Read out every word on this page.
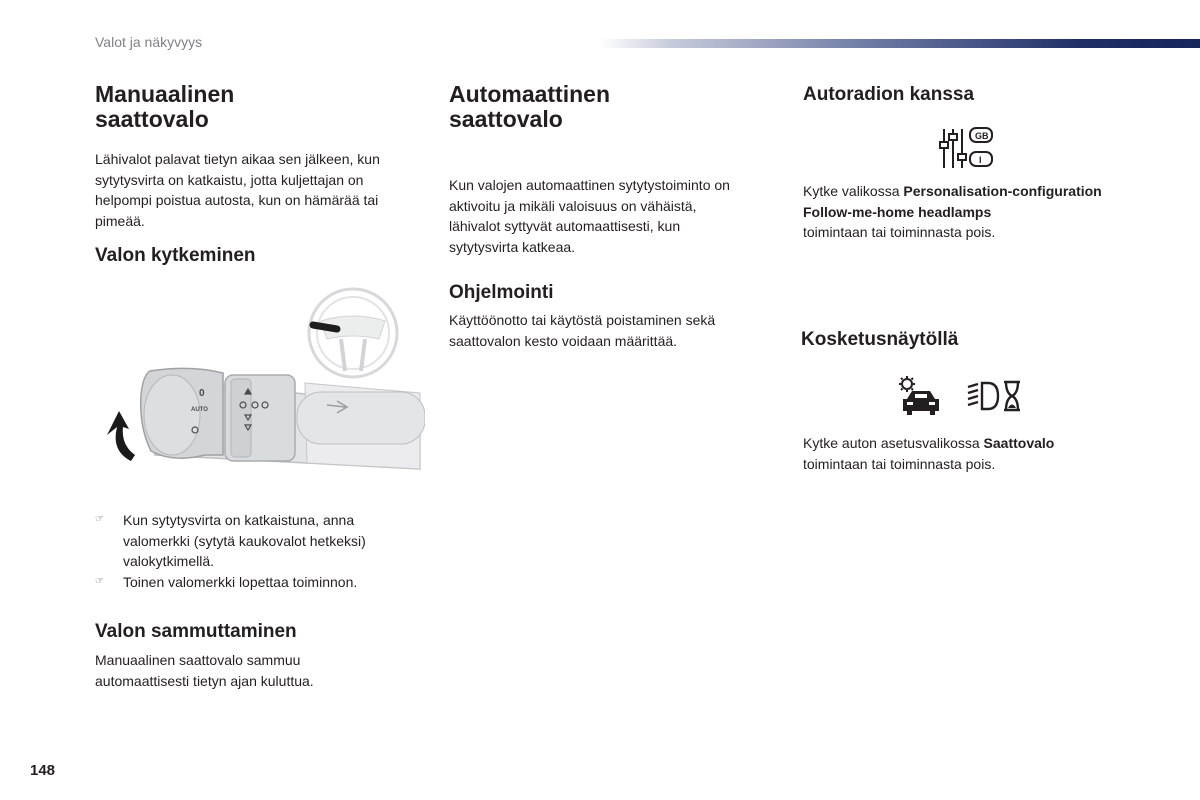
Valot ja näkyvyys
Manuaalinen
saattovalo

Lähivalot palavat tietyn aikaa sen jälkeen, kun sytytysvirta on katkaistu, jotta kuljettajan on helpompi poistua autosta, kun on hämärää tai pimeää.

Valon kytkeminen
0
AUTO
☞ Kun sytytysvirta on katkaistuna, anna valomerkki (sytytä kaukovalot hetkeksi) valokytkimellä.
☞ Toinen valomerkki lopettaa toiminnon.
Valon sammuttaminen

Manuaalinen saattovalo sammuu automaattisesti tietyn ajan kuluttua.

Automaattinen
saattovalo

Kun valojen automaattinen sytytystoiminto on aktivoitu ja mikäli valoisuus on vähäistä, lähivalot syttyvät automaattisesti, kun sytytysvirta katkeaa.

Ohjelmointi

Käyttöönotto tai käytöstä poistaminen sekä saattovalon kesto voidaan määrittää.

Autoradion kanssa
GB
I

Kytke valikossa Personalisation-configuration Follow-me-home headlamps
toimintaan tai toiminnasta pois.

Kosketusnäytöllä

Kytke auton asetusvalikossa Saattovalo
toimintaan tai toiminnasta pois.

148
